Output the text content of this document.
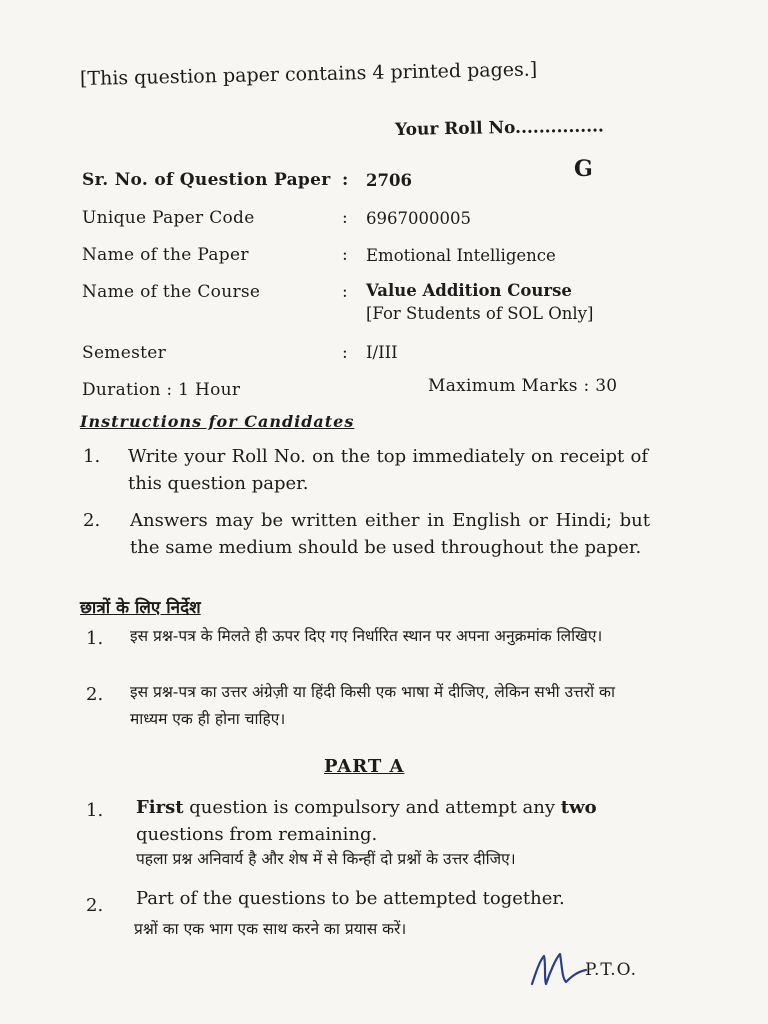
[This question paper contains 4 printed pages.]
Your Roll No...............
G
Sr. No. of Question Paper : 2706
Unique Paper Code	: 6967000005
Name of the Paper	: Emotional Intelligence
Name of the Course	: Value Addition Course
[For Students of SOL Only]
Semester	: I/III
Duration : 1 Hour	Maximum Marks : 30
Instructions for Candidates
1. Write your Roll No. on the top immediately on receipt of this question paper.
2. Answers may be written either in English or Hindi; but the same medium should be used throughout the paper.
छात्रों के लिए निर्देश
1. इस प्रश्न-पत्र के मिलते ही ऊपर दिए गए निर्धारित स्थान पर अपना अनुक्रमांक लिखिए।
2. इस प्रश्न-पत्र का उत्तर अंग्रेज़ी या हिंदी किसी एक भाषा में दीजिए, लेकिन सभी उत्तरों का माध्यम एक ही होना चाहिए।
PART A
1. First question is compulsory and attempt any two questions from remaining.
पहला प्रश्न अनिवार्य है और शेष में से किन्हीं दो प्रश्नों के उत्तर दीजिए।
2. Part of the questions to be attempted together.
प्रश्नों का एक भाग एक साथ करने का प्रयास करें।
P.T.O.
